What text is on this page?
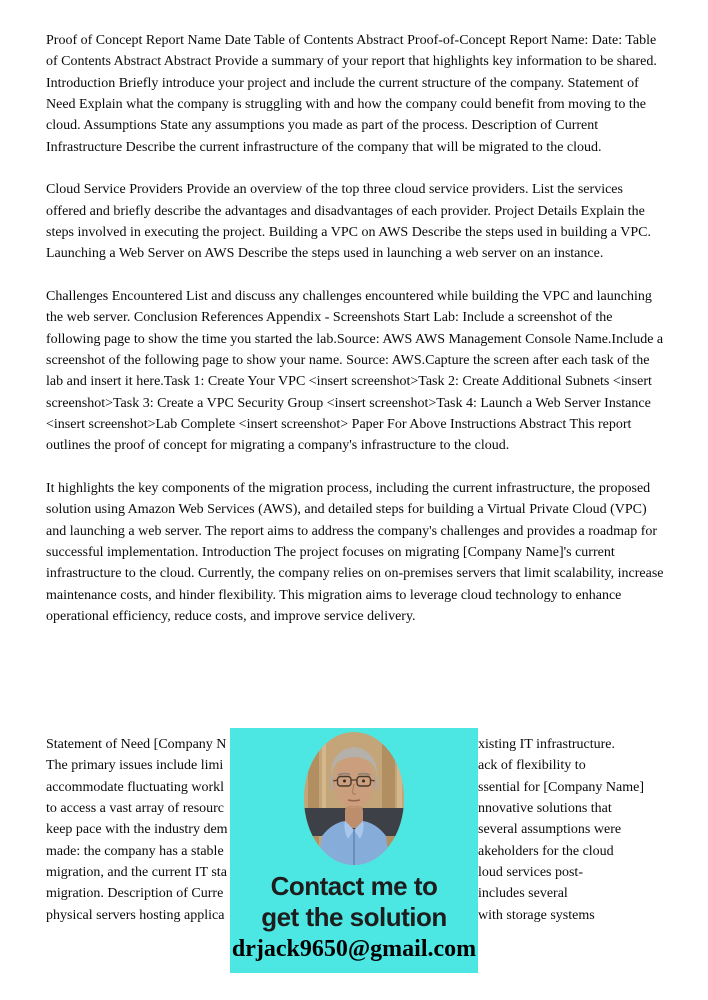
Proof of Concept Report Name Date Table of Contents Abstract Proof-of-Concept Report Name: Date: Table of Contents Abstract Abstract Provide a summary of your report that highlights key information to be shared. Introduction Briefly introduce your project and include the current structure of the company. Statement of Need Explain what the company is struggling with and how the company could benefit from moving to the cloud. Assumptions State any assumptions you made as part of the process. Description of Current Infrastructure Describe the current infrastructure of the company that will be migrated to the cloud.

Cloud Service Providers Provide an overview of the top three cloud service providers. List the services offered and briefly describe the advantages and disadvantages of each provider. Project Details Explain the steps involved in executing the project. Building a VPC on AWS Describe the steps used in building a VPC. Launching a Web Server on AWS Describe the steps used in launching a web server on an instance.

Challenges Encountered List and discuss any challenges encountered while building the VPC and launching the web server. Conclusion References Appendix - Screenshots Start Lab: Include a screenshot of the following page to show the time you started the lab.Source: AWS AWS Management Console Name.Include a screenshot of the following page to show your name. Source: AWS.Capture the screen after each task of the lab and insert it here.Task 1: Create Your VPC <insert screenshot>Task 2: Create Additional Subnets <insert screenshot>Task 3: Create a VPC Security Group <insert screenshot>Task 4: Launch a Web Server Instance <insert screenshot>Lab Complete <insert screenshot> Paper For Above Instructions Abstract This report outlines the proof of concept for migrating a company's infrastructure to the cloud.

It highlights the key components of the migration process, including the current infrastructure, the proposed solution using Amazon Web Services (AWS), and detailed steps for building a Virtual Private Cloud (VPC) and launching a web server. The report aims to address the company's challenges and provides a roadmap for successful implementation. Introduction The project focuses on migrating [Company Name]'s current infrastructure to the cloud. Currently, the company relies on on-premises servers that limit scalability, increase maintenance costs, and hinder flexibility. This migration aims to leverage cloud technology to enhance operational efficiency, reduce costs, and improve service delivery.

Statement of Need [Company N	xisting IT infrastructure.
The primary issues include limi	ack of flexibility to
accommodate fluctuating workl	ssential for [Company Name]
to access a vast array of resourc	nnovative solutions that
keep pace with the industry dem	several assumptions were
made: the company has a stable	akeholders for the cloud
migration, and the current IT sta	loud services post-
migration. Description of Curre	includes several
physical servers hosting applica	with storage systems
Contact me to
get the solution
drjack9650@gmail.com
